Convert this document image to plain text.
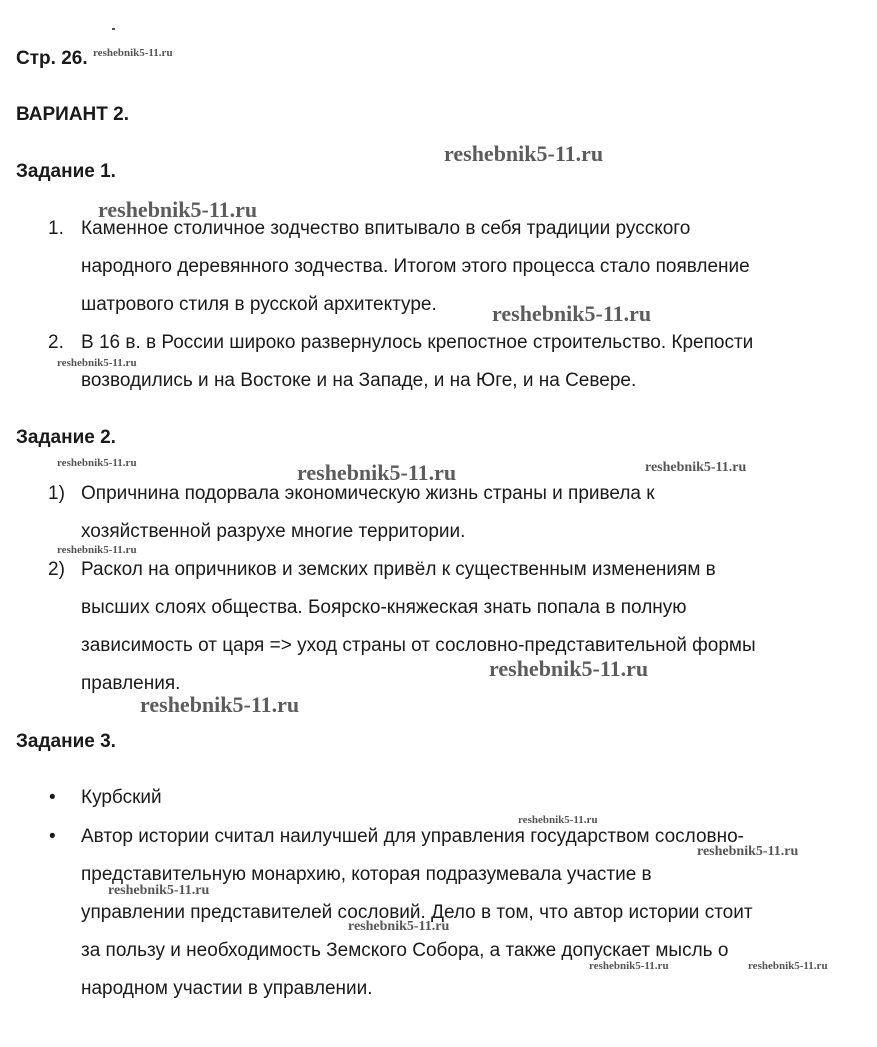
Стр. 26.
ВАРИАНТ 2.
Задание 1.
1. Каменное столичное зодчество впитывало в себя традиции русского
народного деревянного зодчества. Итогом этого процесса стало появление
шатрового стиля в русской архитектуре.
2. В 16 в. в России широко развернулось крепостное строительство. Крепости
возводились и на Востоке и на Западе, и на Юге, и на Севере.
Задание 2.
1) Опричнина подорвала экономическую жизнь страны и привела к
хозяйственной разрухе многие территории.
2) Раскол на опричников и земских привёл к существенным изменениям в
высших слоях общества. Боярско-княжеская знать попала в полную
зависимость от царя => уход страны от сословно-представительной формы
правления.
Задание 3.
• Курбский
• Автор истории считал наилучшей для управления государством сословно-
представительную монархию, которая подразумевала участие в
управлении представителей сословий. Дело в том, что автор истории стоит
за пользу и необходимость Земского Собора, а также допускает мысль о
народном участии в управлении.
reshebnik5-11.ru
reshebnik5-11.ru
reshebnik5-11.ru
reshebnik5-11.ru
reshebnik5-11.ru
reshebnik5-11.ru	reshebnik5-11.ru	reshebnik5-11.ru
reshebnik5-11.ru
reshebnik5-11.ru
reshebnik5-11.ru
reshebnik5-11.ru
reshebnik5-11.ru
reshebnik5-11.ru
reshebnik5-11.ru
reshebnik5-11.ru	reshebnik5-11.ru
